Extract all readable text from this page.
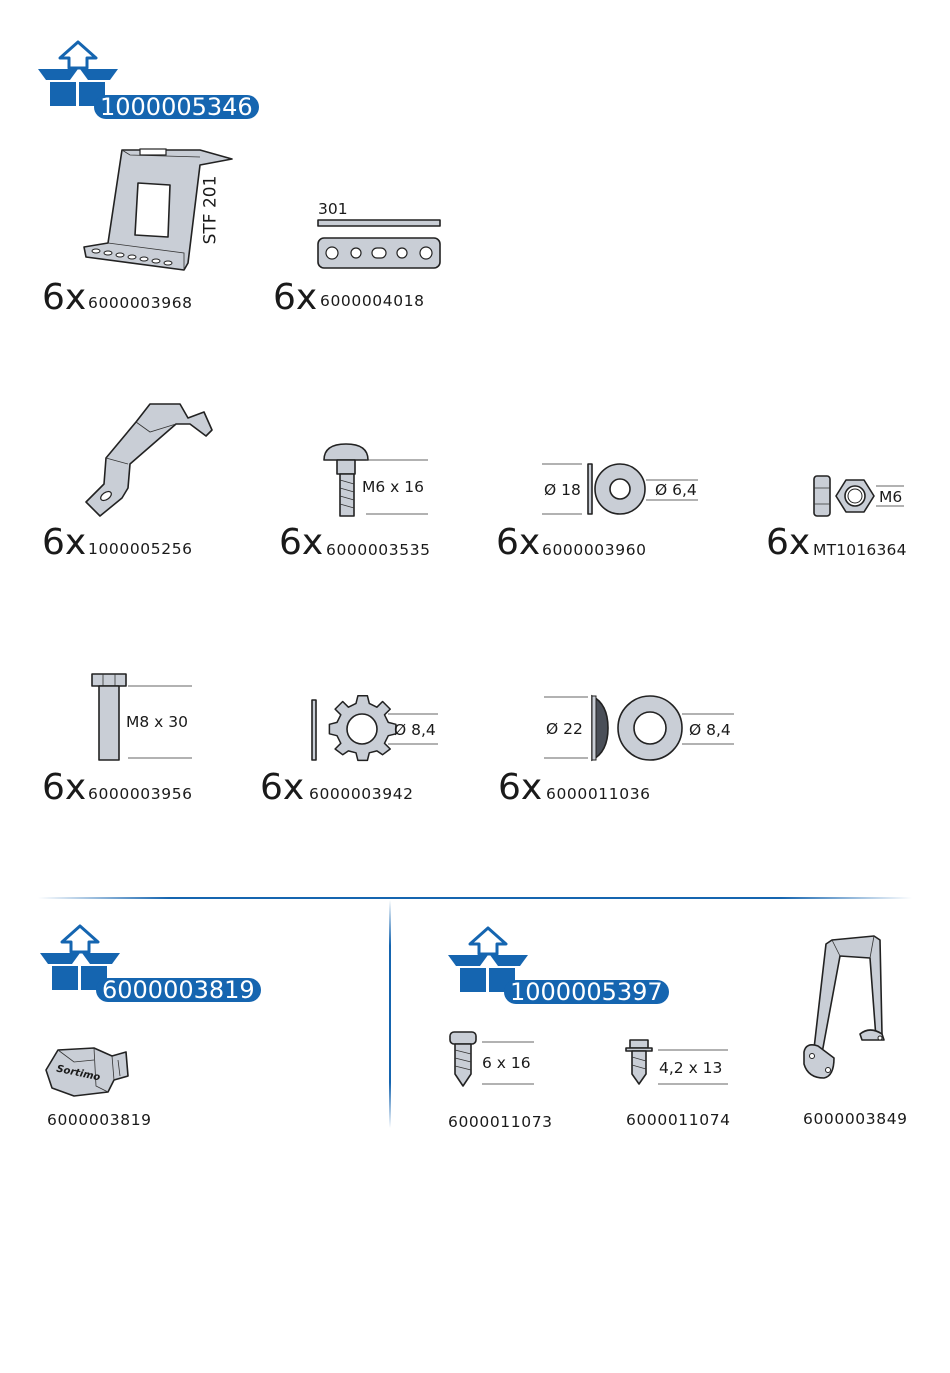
1000005346
STF 201
6x 6000003968
301
6x 6000004018
6x 1000005256
M6 x 16
6x 6000003535
Ø 18	Ø 6,4
6x 6000003960
M6
6x MT1016364
M8 x 30
6x 6000003956
Ø 8,4
6x 6000003942
Ø 22	Ø 8,4
6x 6000011036
6000003819
Sortimo
6000003819
1000005397
6 x 16
6000011073
4,2 x 13
6000011074	6000003849
